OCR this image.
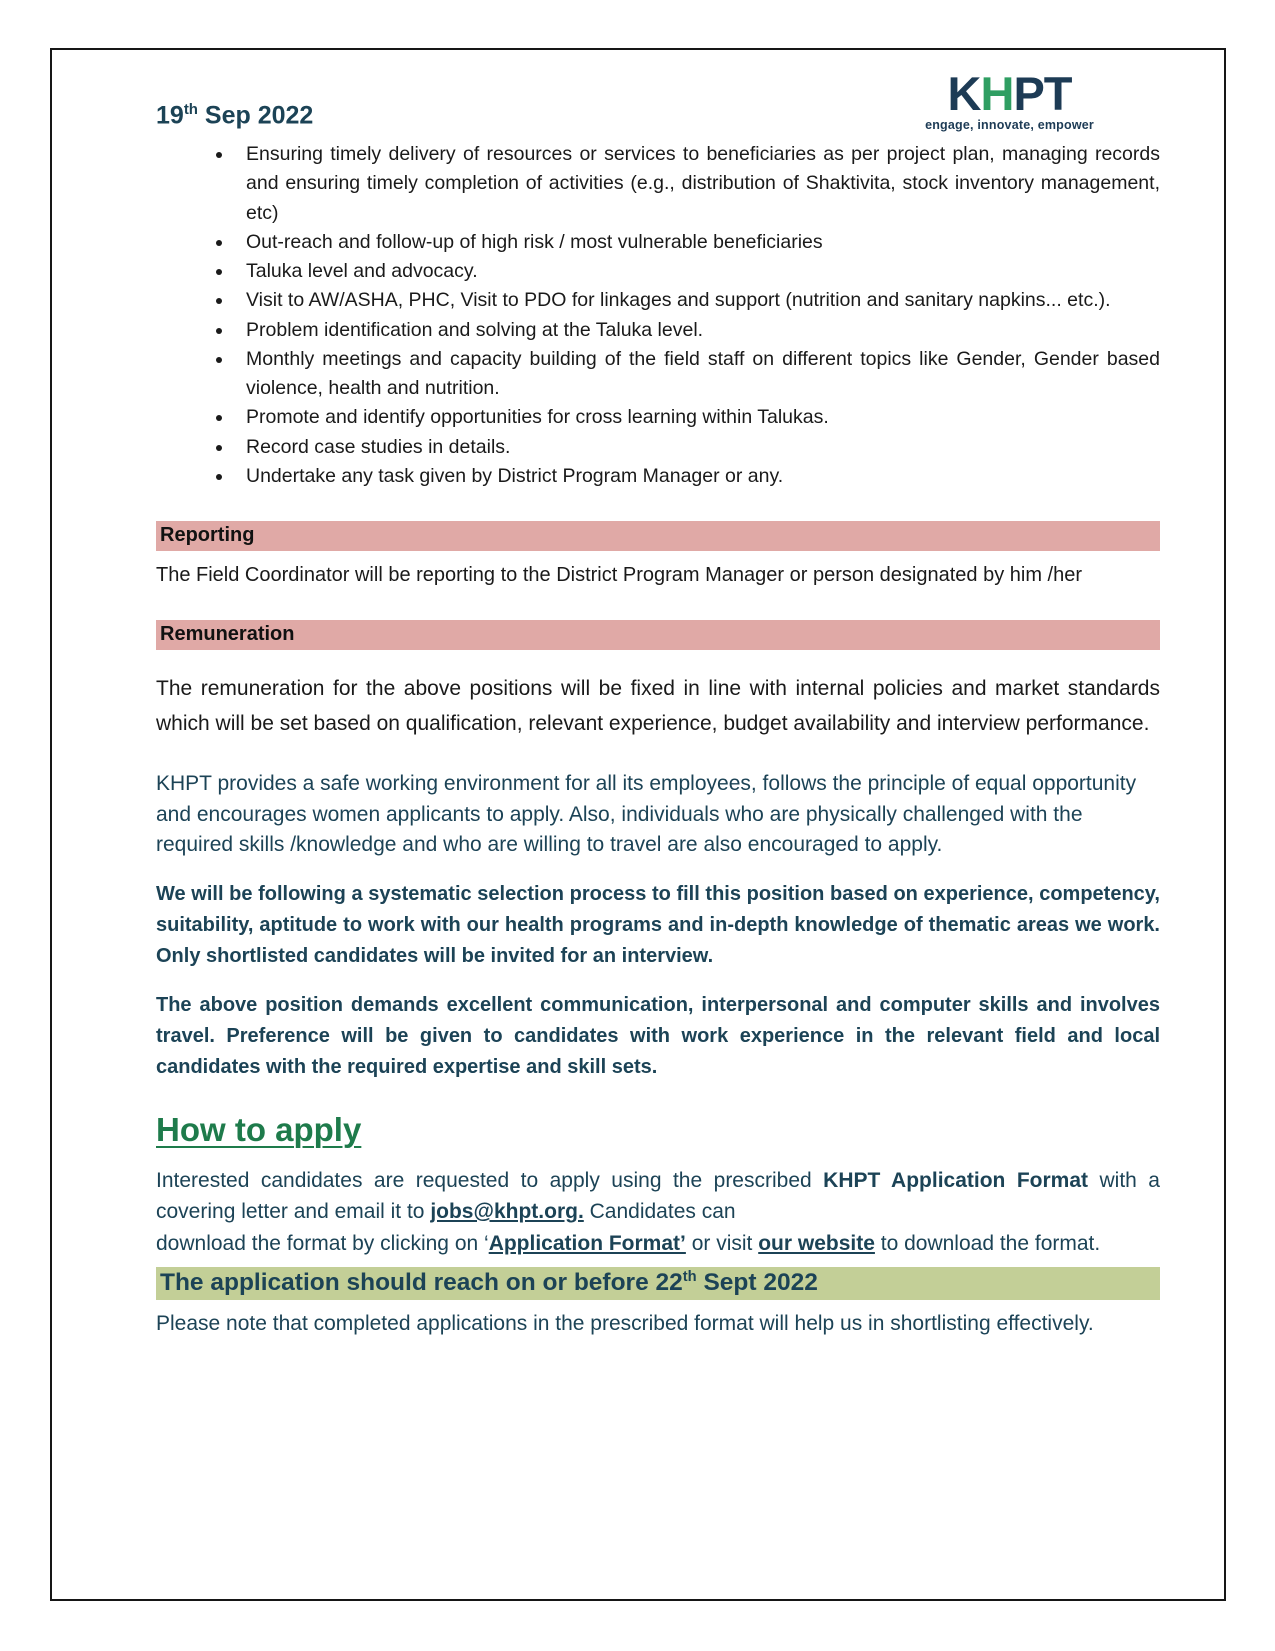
19th Sep 2022	KHPT
engage, innovate, empower
• Ensuring timely delivery of resources or services to beneficiaries as per project plan, managing records and ensuring timely completion of activities (e.g., distribution of Shaktivita, stock inventory management, etc)
• Out-reach and follow-up of high risk / most vulnerable beneficiaries
• Taluka level and advocacy.
• Visit to AW/ASHA, PHC, Visit to PDO for linkages and support (nutrition and sanitary napkins... etc.).
• Problem identification and solving at the Taluka level.
• Monthly meetings and capacity building of the field staff on different topics like Gender, Gender based violence, health and nutrition.
• Promote and identify opportunities for cross learning within Talukas.
• Record case studies in details.
• Undertake any task given by District Program Manager or any.
Reporting

The Field Coordinator will be reporting to the District Program Manager or person designated by him /her

Remuneration

The remuneration for the above positions will be fixed in line with internal policies and market standards which will be set based on qualification, relevant experience, budget availability and interview performance.

KHPT provides a safe working environment for all its employees, follows the principle of equal opportunity and encourages women applicants to apply. Also, individuals who are physically challenged with the required skills /knowledge and who are willing to travel are also encouraged to apply.

We will be following a systematic selection process to fill this position based on experience, competency, suitability, aptitude to work with our health programs and in-depth knowledge of thematic areas we work. Only shortlisted candidates will be invited for an interview.

The above position demands excellent communication, interpersonal and computer skills and involves travel. Preference will be given to candidates with work experience in the relevant field and local candidates with the required expertise and skill sets.

How to apply

Interested candidates are requested to apply using the prescribed KHPT Application Format with a covering letter and email it to jobs@khpt.org. Candidates can
download the format by clicking on ‘Application Format’ or visit our website to download the format.

The application should reach on or before 22th Sept 2022

Please note that completed applications in the prescribed format will help us in shortlisting effectively.
